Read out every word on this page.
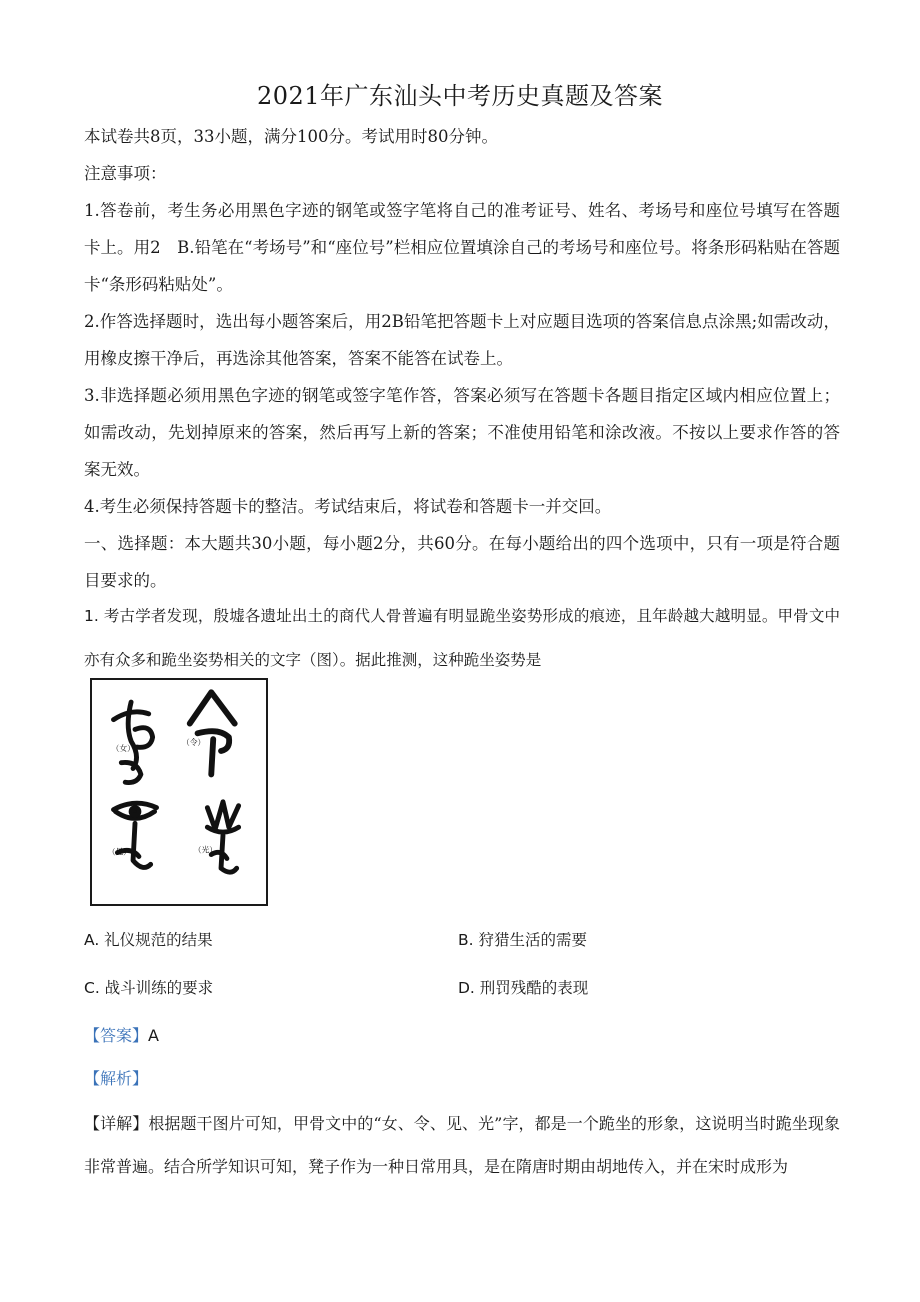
2021年广东汕头中考历史真题及答案

本试卷共8页，33小题，满分100分。考试用时80分钟。

注意事项：

1.答卷前，考生务必用黑色字迹的钢笔或签字笔将自己的准考证号、姓名、考场号和座位号填写在答题卡上。用2　B.铅笔在“考场号”和“座位号”栏相应位置填涂自己的考场号和座位号。将条形码粘贴在答题卡“条形码粘贴处”。

2.作答选择题时，选出每小题答案后，用2B铅笔把答题卡上对应题目选项的答案信息点涂黑;如需改动，用橡皮擦干净后，再选涂其他答案，答案不能答在试卷上。

3.非选择题必须用黑色字迹的钢笔或签字笔作答，答案必须写在答题卡各题目指定区域内相应位置上；如需改动，先划掉原来的答案，然后再写上新的答案；不准使用铅笔和涂改液。不按以上要求作答的答案无效。

4.考生必须保持答题卡的整洁。考试结束后，将试卷和答题卡一并交回。

一、选择题：本大题共30小题，每小题2分，共60分。在每小题给出的四个选项中，只有一项是符合题目要求的。

1. 考古学者发现，殷墟各遗址出土的商代人骨普遍有明显跪坐姿势形成的痕迹，且年龄越大越明显。甲骨文中亦有众多和跪坐姿势相关的文字（图）。据此推测，这种跪坐姿势是

（女）
（令）
（见）	（光）
A. 礼仪规范的结果	B. 狩猎生活的需要
C. 战斗训练的要求	D. 刑罚残酷的表现
【答案】A
【解析】

【详解】根据题干图片可知，甲骨文中的“女、令、见、光”字，都是一个跪坐的形象，这说明当时跪坐现象非常普遍。结合所学知识可知，凳子作为一种日常用具，是在隋唐时期由胡地传入，并在宋时成形为
